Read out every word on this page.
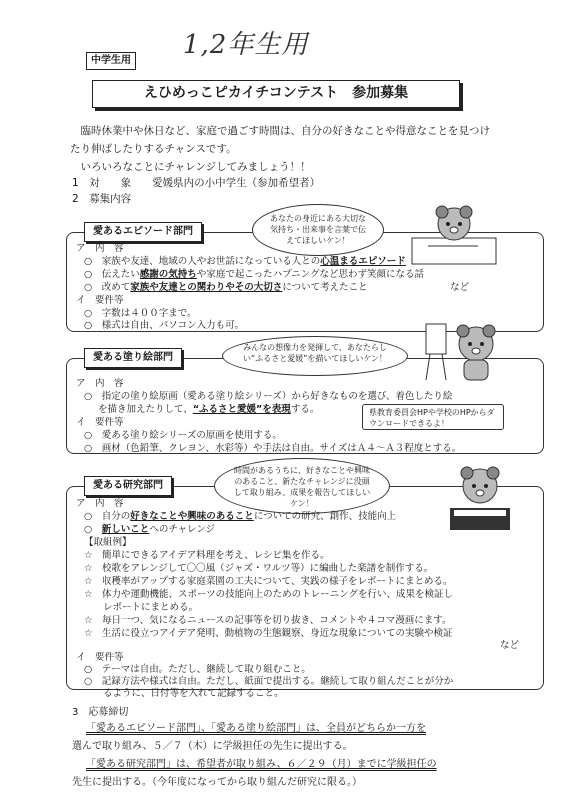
中学生用
1,2年生用
えひめっこピカイチコンテスト　参加募集

臨時休業中や休日など、家庭で過ごす時間は、自分の好きなことや得意なことを見つけたり伸ばしたりするチャンスです。

いろいろなことにチャレンジしてみましょう！！

1　対　　象　　愛媛県内の小中学生（参加希望者）
2　募集内容
愛あるエピソード部門
あなたの身近にある大切な気持ち・出来事を言葉で伝えてほしいケン！
ア　内　容
○　家族や友達、地域の人やお世話になっている人との心温まるエピソード
○　伝えたい感謝の気持ちや家庭で起こったハプニングなど思わず笑顔になる話
○　改めて家族や友達との関わりやその大切さについて考えたこと	など
イ　要件等
○　字数は４００字まで。
○　様式は自由、パソコン入力も可。
愛ある塗り絵部門
みんなの想像力を発揮して、あなたらしい“ふるさと愛媛”を描いてほしいケン！
ア　内　容
○　指定の塗り絵原画（愛ある塗り絵シリーズ）から好きなものを選び、着色したり絵
を描き加えたりして、“ふるさと愛媛”を表現する。	県教育委員会HPや学校のHPからダウンロードできるよ！
イ　要件等
○　愛ある塗り絵シリーズの原画を使用する。
○　画材（色鉛筆、クレヨン、水彩等）や手法は自由。サイズはＡ４～Ａ３程度とする。
愛ある研究部門
時間があるうちに、好きなことや興味のあること、新たなチャレンジに没頭して取り組み、成果を報告してほしいケン！
ア　内　容
○　自分の好きなことや興味のあることについての研究、創作、技能向上
○　新しいことへのチャレンジ
【取組例】
☆　簡単にできるアイデア料理を考え、レシピ集を作る。
☆　校歌をアレンジして〇〇風（ジャズ・ワルツ等）に編曲した楽譜を制作する。
☆　収穫率がアップする家庭菜園の工夫について、実践の様子をレポートにまとめる。
☆　体力や運動機能、スポーツの技能向上のためのトレーニングを行い、成果を検証し
　　レポートにまとめる。
☆　毎日一つ、気になるニュースの記事等を切り抜き、コメントや４コマ漫画にます。
☆　生活に役立つアイデア発明、動植物の生態観察、身近な現象についての実験や検証
など
イ　要件等
○　テーマは自由。ただし、継続して取り組むこと。
○　記録方法や様式は自由。ただし、紙面で提出する。継続して取り組んだことが分か
　　るように、日付等を入れて記録すること。
3　応募締切
「愛あるエピソード部門」、「愛ある塗り絵部門」は、全員がどちらか一方を
選んで取り組み、５／７（木）に学級担任の先生に提出する。
「愛ある研究部門」は、希望者が取り組み、６／２９（月）までに学級担任の
先生に提出する。（今年度になってから取り組んだ研究に限る。）
